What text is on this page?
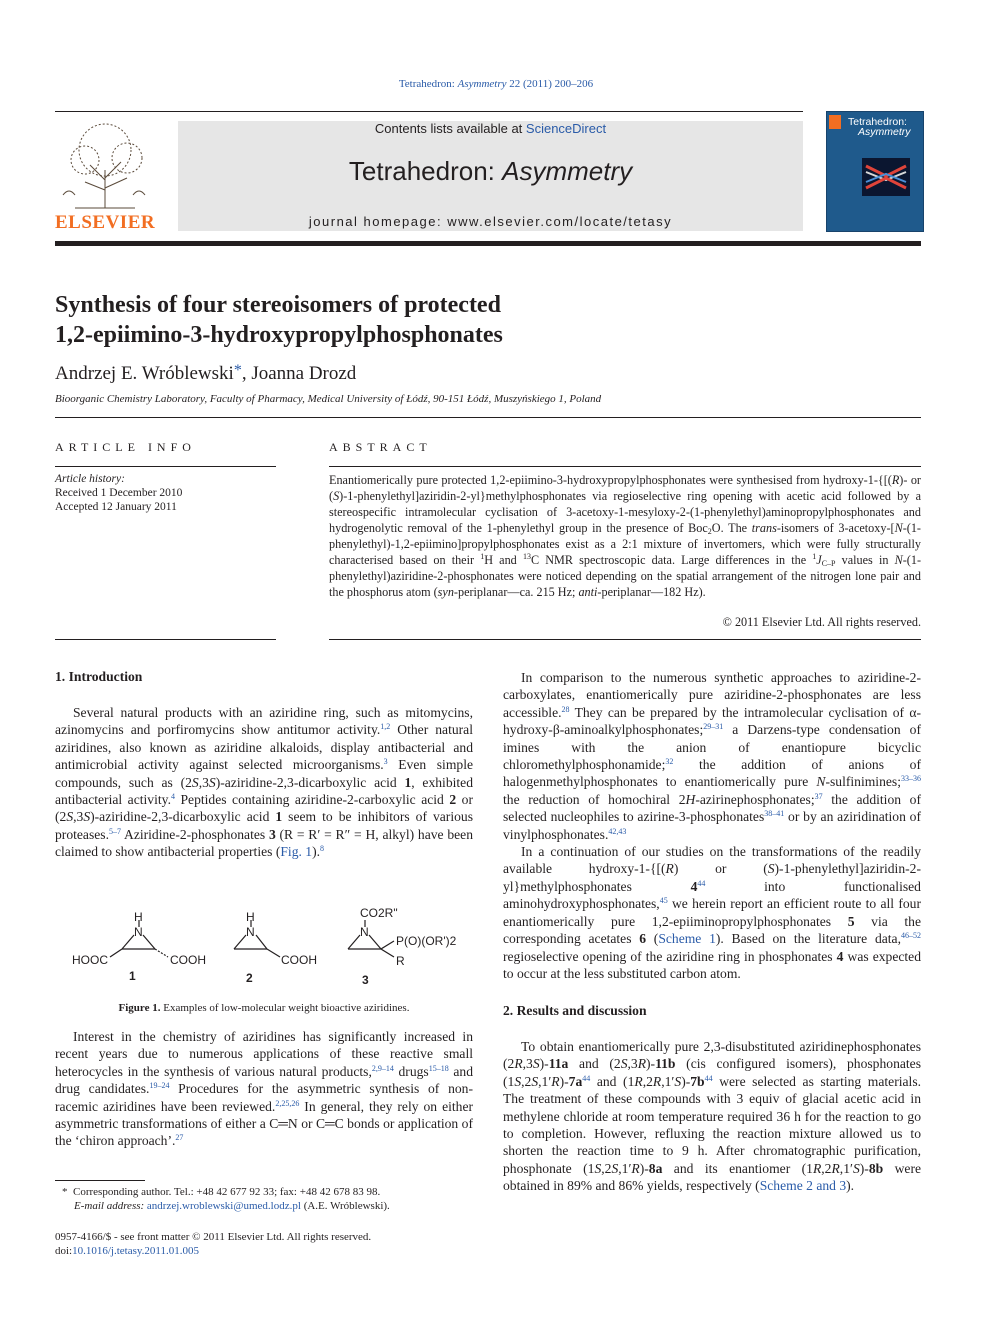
Tetrahedron: Asymmetry 22 (2011) 200–206
ELSEVIER
Contents lists available at ScienceDirect
Tetrahedron: Asymmetry
journal homepage: www.elsevier.com/locate/tetasy
Tetrahedron:
Asymmetry
Synthesis of four stereoisomers of protected
1,2-epiimino-3-hydroxypropylphosphonates
Andrzej E. Wróblewski*, Joanna Drozd
Bioorganic Chemistry Laboratory, Faculty of Pharmacy, Medical University of Łódź, 90-151 Łódź, Muszyńskiego 1, Poland
ARTICLE INFO
Article history:
Received 1 December 2010
Accepted 12 January 2011
ABSTRACT

Enantiomerically pure protected 1,2-epiimino-3-hydroxypropylphosphonates were synthesised from hydroxy-1-{[(R)- or (S)-1-phenylethyl]aziridin-2-yl}methylphosphonates via regioselective ring opening with acetic acid followed by a stereospecific intramolecular cyclisation of 3-acetoxy-1-mesyloxy-2-(1-phenylethyl)aminopropylphosphonates and hydrogenolytic removal of the 1-phenylethyl group in the presence of Boc$_2$O. The trans-isomers of 3-acetoxy-[N-(1-phenylethyl)-1,2-epiimino]propylphosphonates exist as a 2:1 mixture of invertomers, which were fully structurally characterised based on their $^1$H and $^{13}$C NMR spectroscopic data. Large differences in the $^1J_{C-P}$ values in N-(1-phenylethyl)aziridine-2-phosphonates were noticed depending on the spatial arrangement of the nitrogen lone pair and the phosphorus atom (syn-periplanar—ca. 215 Hz; anti-periplanar—182 Hz).

© 2011 Elsevier Ltd. All rights reserved.
1. Introduction

Several natural products with an aziridine ring, such as mitomycins, azinomycins and porfiromycins show antitumor activity.$^{1,2}$ Other natural aziridines, also known as aziridine alkaloids, display antibacterial and antimicrobial activity against selected microorganisms.$^3$ Even simple compounds, such as (2S,3S)-aziridine-2,3-dicarboxylic acid 1, exhibited antibacterial activity.$^4$ Peptides containing aziridine-2-carboxylic acid 2 or (2S,3S)-aziridine-2,3-dicarboxylic acid 1 seem to be inhibitors of various proteases.$^{5-7}$ Aziridine-2-phosphonates 3 (R = R′ = R″ = H, alkyl) have been claimed to show antibacterial properties (Fig. 1).$^8$

H
N
HOOC	COOH
1
H
N
COOH
2
CO2R"
N
P(O)(OR')2
R
3
Figure 1. Examples of low-molecular weight bioactive aziridines.

Interest in the chemistry of aziridines has significantly increased in recent years due to numerous applications of these reactive small heterocycles in the synthesis of various natural products,$^{2,9-14}$ drugs$^{15-18}$ and drug candidates.$^{19-24}$ Procedures for the asymmetric synthesis of non-racemic aziridines have been reviewed.$^{2,25,26}$ In general, they rely on either asymmetric transformations of either a C═N or C═C bonds or application of the ‘chiron approach’.$^{27}$

* Corresponding author. Tel.: +48 42 677 92 33; fax: +48 42 678 83 98.
E-mail address: andrzej.wroblewski@umed.lodz.pl (A.E. Wróblewski).
0957-4166/$ - see front matter © 2011 Elsevier Ltd. All rights reserved.
doi:10.1016/j.tetasy.2011.01.005

In comparison to the numerous synthetic approaches to aziridine-2-carboxylates, enantiomerically pure aziridine-2-phosphonates are less accessible.$^{28}$ They can be prepared by the intramolecular cyclisation of α-hydroxy-β-aminoalkylphosphonates;$^{29-31}$ a Darzens-type condensation of imines with the anion of enantiopure bicyclic chloromethylphosphonamide;$^{32}$ the addition of anions of halogenmethylphosphonates to enantiomerically pure N-sulfinimines;$^{33-36}$ the reduction of homochiral 2H-azirinephosphonates;$^{37}$ the addition of selected nucleophiles to azirine-3-phosphonates$^{38-41}$ or by an aziridination of vinylphosphonates.$^{42,43}$

In a continuation of our studies on the transformations of the readily available hydroxy-1-{[(R) or (S)-1-phenylethyl]aziridin-2-yl}methylphosphonates $4^{44}$ into functionalised aminohydroxyphosphonates,$^{45}$ we herein report an efficient route to all four enantiomerically pure 1,2-epiiminopropylphosphonates 5 via the corresponding acetates 6 (Scheme 1). Based on the literature data,$^{46-52}$ regioselective opening of the aziridine ring in phosphonates 4 was expected to occur at the less substituted carbon atom.

2. Results and discussion

To obtain enantiomerically pure 2,3-disubstituted aziridinephosphonates (2R,3S)-11a and (2S,3R)-11b (cis configured isomers), phosphonates $(1S,2S,1'R)-7a^{44}$ and $(1R,2R,1'S)-7b^{44}$ were selected as starting materials. The treatment of these compounds with 3 equiv of glacial acetic acid in methylene chloride at room temperature required 36 h for the reaction to go to completion. However, refluxing the reaction mixture allowed us to shorten the reaction time to 9 h. After chromatographic purification, phosphonate (1S,2S,1′R)-8a and its enantiomer (1R,2R,1′S)-8b were obtained in 89% and 86% yields, respectively (Scheme 2 and 3).
